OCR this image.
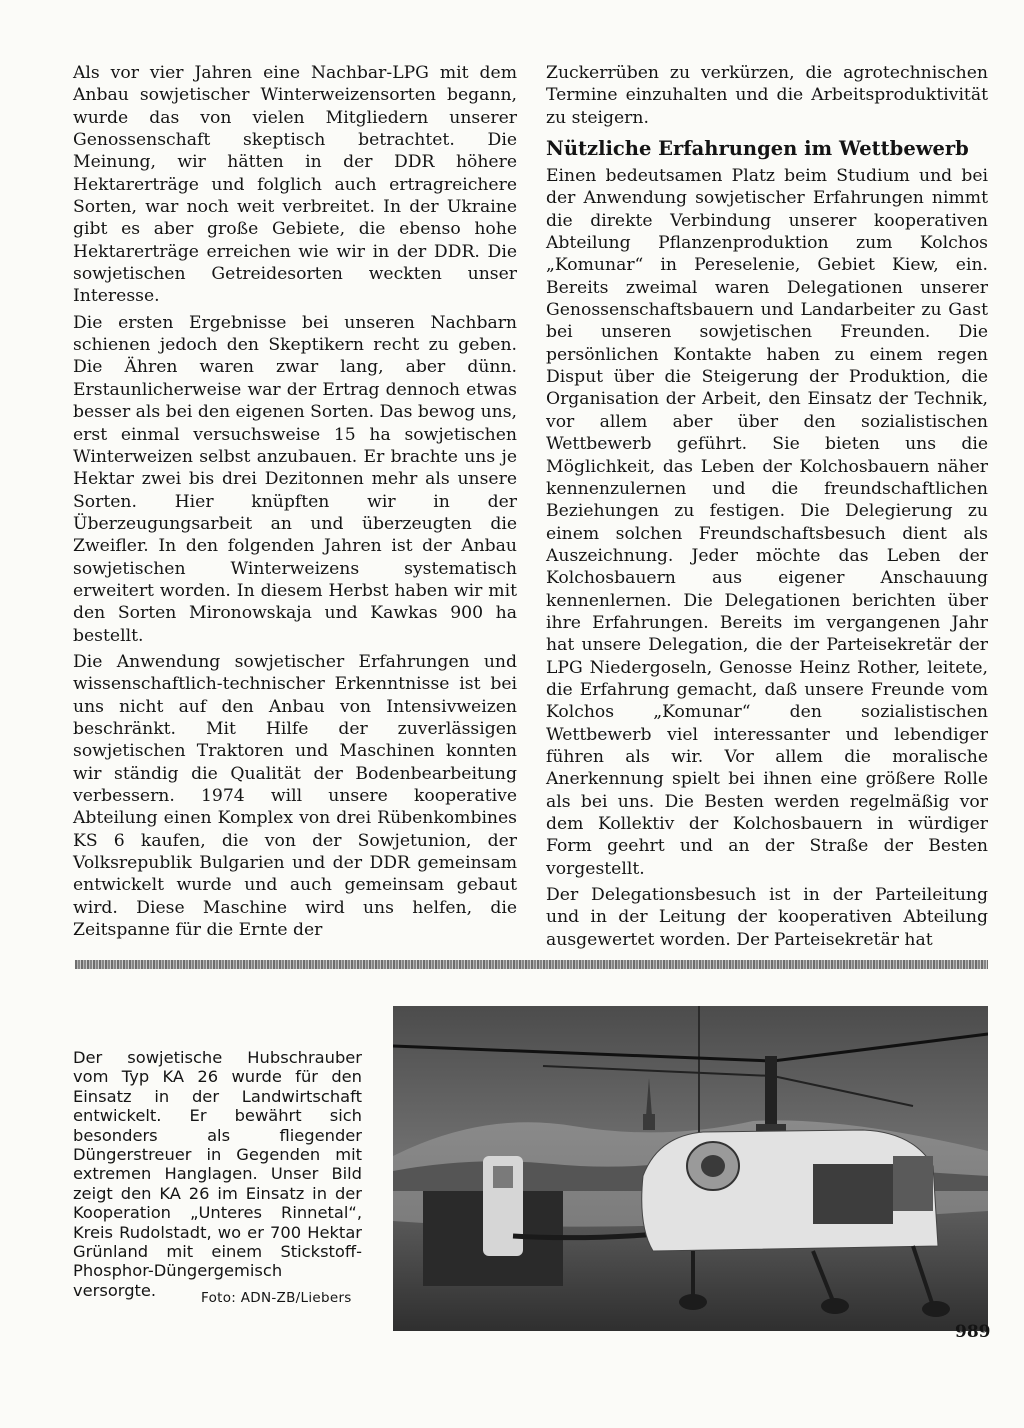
Als vor vier Jahren eine Nachbar-LPG mit dem Anbau sowjetischer Winterweizensorten begann, wurde das von vielen Mitgliedern unserer Genossenschaft skeptisch betrachtet. Die Meinung, wir hätten in der DDR höhere Hektarerträge und folglich auch ertragreichere Sorten, war noch weit verbreitet. In der Ukraine gibt es aber große Gebiete, die ebenso hohe Hektarerträge erreichen wie wir in der DDR. Die sowjetischen Getreidesorten weckten unser Interesse.

Die ersten Ergebnisse bei unseren Nachbarn schienen jedoch den Skeptikern recht zu geben. Die Ähren waren zwar lang, aber dünn. Erstaunlicherweise war der Ertrag dennoch etwas besser als bei den eigenen Sorten. Das bewog uns, erst einmal versuchsweise 15 ha sowjetischen Winterweizen selbst anzubauen. Er brachte uns je Hektar zwei bis drei Dezitonnen mehr als unsere Sorten. Hier knüpften wir in der Überzeugungsarbeit an und überzeugten die Zweifler. In den folgenden Jahren ist der Anbau sowjetischen Winterweizens systematisch erweitert worden. In diesem Herbst haben wir mit den Sorten Mironowskaja und Kawkas 900 ha bestellt.

Die Anwendung sowjetischer Erfahrungen und wissenschaftlich-technischer Erkenntnisse ist bei uns nicht auf den Anbau von Intensivweizen beschränkt. Mit Hilfe der zuverlässigen sowjetischen Traktoren und Maschinen konnten wir ständig die Qualität der Bodenbearbeitung verbessern. 1974 will unsere kooperative Abteilung einen Komplex von drei Rübenkombines KS 6 kaufen, die von der Sowjetunion, der Volksrepublik Bulgarien und der DDR gemeinsam entwickelt wurde und auch gemeinsam gebaut wird. Diese Maschine wird uns helfen, die Zeitspanne für die Ernte der

Zuckerrüben zu verkürzen, die agrotechnischen Termine einzuhalten und die Arbeitsproduktivität zu steigern.

Nützliche Erfahrungen im Wettbewerb

Einen bedeutsamen Platz beim Studium und bei der Anwendung sowjetischer Erfahrungen nimmt die direkte Verbindung unserer kooperativen Abteilung Pflanzenproduktion zum Kolchos „Komunar“ in Pereselenie, Gebiet Kiew, ein. Bereits zweimal waren Delegationen unserer Genossenschaftsbauern und Landarbeiter zu Gast bei unseren sowjetischen Freunden. Die persönlichen Kontakte haben zu einem regen Disput über die Steigerung der Produktion, die Organisation der Arbeit, den Einsatz der Technik, vor allem aber über den sozialistischen Wettbewerb geführt. Sie bieten uns die Möglichkeit, das Leben der Kolchosbauern näher kennenzulernen und die freundschaftlichen Beziehungen zu festigen. Die Delegierung zu einem solchen Freundschaftsbesuch dient als Auszeichnung. Jeder möchte das Leben der Kolchosbauern aus eigener Anschauung kennenlernen. Die Delegationen berichten über ihre Erfahrungen. Bereits im vergangenen Jahr hat unsere Delegation, die der Parteisekretär der LPG Niedergoseln, Genosse Heinz Rother, leitete, die Erfahrung gemacht, daß unsere Freunde vom Kolchos „Komunar“ den sozialistischen Wettbewerb viel interessanter und lebendiger führen als wir. Vor allem die moralische Anerkennung spielt bei ihnen eine größere Rolle als bei uns. Die Besten werden regelmäßig vor dem Kollektiv der Kolchosbauern in würdiger Form geehrt und an der Straße der Besten vorgestellt.

Der Delegationsbesuch ist in der Parteileitung und in der Leitung der kooperativen Abteilung ausgewertet worden. Der Parteisekretär hat

Der sowjetische Hubschrauber vom Typ KA 26 wurde für den Einsatz in der Landwirtschaft entwickelt. Er bewährt sich besonders als fliegender Düngerstreuer in Gegenden mit extremen Hanglagen. Unser Bild zeigt den KA 26 im Einsatz in der Kooperation „Unteres Rinnetal“, Kreis Rudolstadt, wo er 700 Hektar Grünland mit einem Stickstoff-Phosphor-Düngergemisch versorgte.	Foto: ADN-ZB/Liebers
989
